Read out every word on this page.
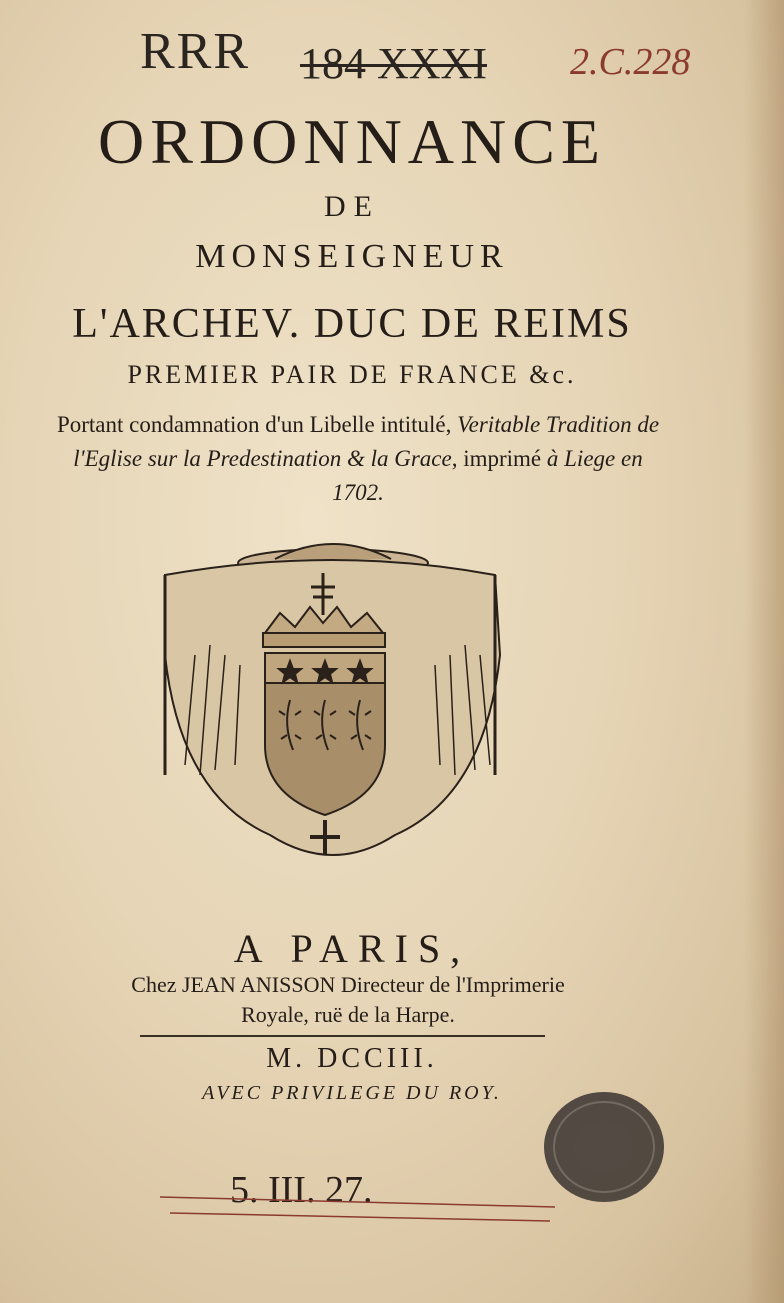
RRR 184 XXXI 2.C.228
ORDONNANCE
DE
MONSEIGNEUR
L'ARCHEV. DUC DE REIMS
PREMIER PAIR DE FRANCE &c.
Portant condamnation d'un Libelle intitulé, Veritable Tradition de l'Eglise sur la Predestination & la Grace, imprimé à Liege en 1702.
A PARIS,
Chez JEAN ANISSON Directeur de l'Imprimerie
Royale, ruë de la Harpe.
M. DCCIII.
AVEC PRIVILEGE DU ROY.
5. III. 27.
